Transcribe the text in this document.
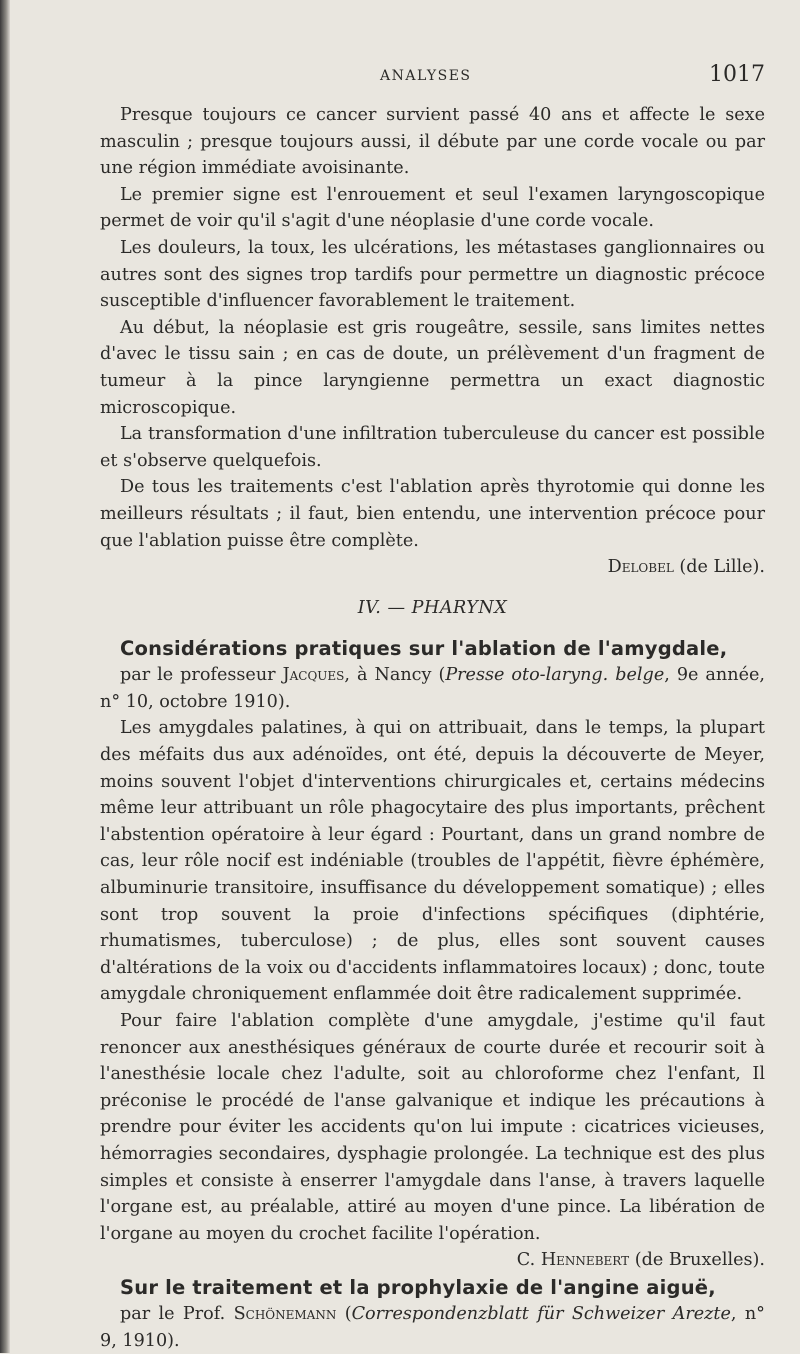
ANALYSES	1017

Presque toujours ce cancer survient passé 40 ans et affecte le sexe masculin ; presque toujours aussi, il débute par une corde vocale ou par une région immédiate avoisinante.

Le premier signe est l'enrouement et seul l'examen laryngoscopique permet de voir qu'il s'agit d'une néoplasie d'une corde vocale.

Les douleurs, la toux, les ulcérations, les métastases ganglionnaires ou autres sont des signes trop tardifs pour permettre un diagnostic précoce susceptible d'influencer favorablement le traitement.

Au début, la néoplasie est gris rougeâtre, sessile, sans limites nettes d'avec le tissu sain ; en cas de doute, un prélèvement d'un fragment de tumeur à la pince laryngienne permettra un exact diagnostic microscopique.

La transformation d'une infiltration tuberculeuse du cancer est possible et s'observe quelquefois.

De tous les traitements c'est l'ablation après thyrotomie qui donne les meilleurs résultats ; il faut, bien entendu, une intervention précoce pour que l'ablation puisse être complète.

Delobel (de Lille).

IV. — PHARYNX

Considérations pratiques sur l'ablation de l'amygdale,

par le professeur Jacques, à Nancy (Presse oto-laryng. belge, 9e année, n° 10, octobre 1910).

Les amygdales palatines, à qui on attribuait, dans le temps, la plupart des méfaits dus aux adénoïdes, ont été, depuis la découverte de Meyer, moins souvent l'objet d'interventions chirurgicales et, certains médecins même leur attribuant un rôle phagocytaire des plus importants, prêchent l'abstention opératoire à leur égard : Pourtant, dans un grand nombre de cas, leur rôle nocif est indéniable (troubles de l'appétit, fièvre éphémère, albuminurie transitoire, insuffisance du développement somatique) ; elles sont trop souvent la proie d'infections spécifiques (diphtérie, rhumatismes, tuberculose) ; de plus, elles sont souvent causes d'altérations de la voix ou d'accidents inflammatoires locaux) ; donc, toute amygdale chroniquement enflammée doit être radicalement supprimée.

Pour faire l'ablation complète d'une amygdale, j'estime qu'il faut renoncer aux anesthésiques généraux de courte durée et recourir soit à l'anesthésie locale chez l'adulte, soit au chloroforme chez l'enfant, Il préconise le procédé de l'anse galvanique et indique les précautions à prendre pour éviter les accidents qu'on lui impute : cicatrices vicieuses, hémorragies secondaires, dysphagie prolongée. La technique est des plus simples et consiste à enserrer l'amygdale dans l'anse, à travers laquelle l'organe est, au préalable, attiré au moyen d'une pince. La libération de l'organe au moyen du crochet facilite l'opération.

C. Hennebert (de Bruxelles).

Sur le traitement et la prophylaxie de l'angine aiguë,

par le Prof. Schönemann (Correspondenzblatt für Schweizer Arezte, n° 9, 1910).
